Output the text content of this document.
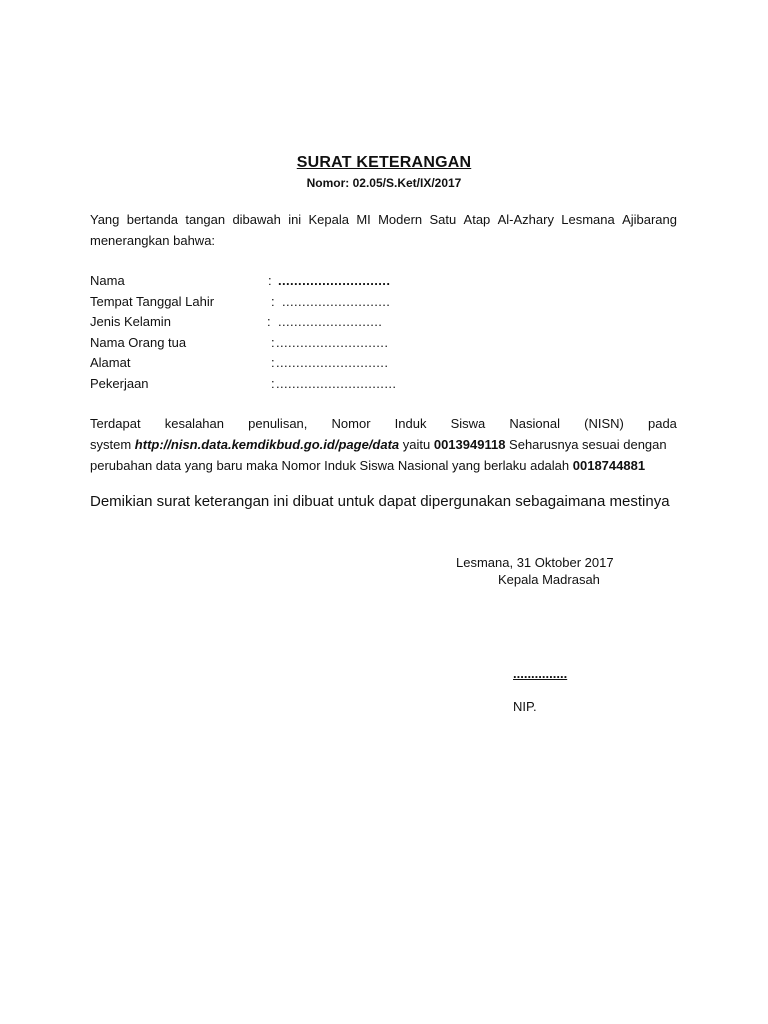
SURAT KETERANGAN
Nomor: 02.05/S.Ket/IX/2017
Yang bertanda tangan dibawah ini Kepala MI Modern Satu Atap Al-Azhary Lesmana Ajibarang
menerangkan bahwa:
Nama	: ............................
Tempat Tanggal Lahir	: ...........................
Jenis Kelamin	: ..........................
Nama Orang tua	: ............................
Alamat	: ............................
Pekerjaan	: ..............................
Terdapat kesalahan penulisan, Nomor Induk Siswa Nasional (NISN) pada
system http://nisn.data.kemdikbud.go.id/page/data yaitu 0013949118 Seharusnya sesuai dengan
perubahan data yang baru maka Nomor Induk Siswa Nasional yang berlaku adalah 0018744881
Demikian surat keterangan ini dibuat untuk dapat dipergunakan sebagaimana mestinya
Lesmana, 31 Oktober 2017
Kepala Madrasah
...............
NIP.
